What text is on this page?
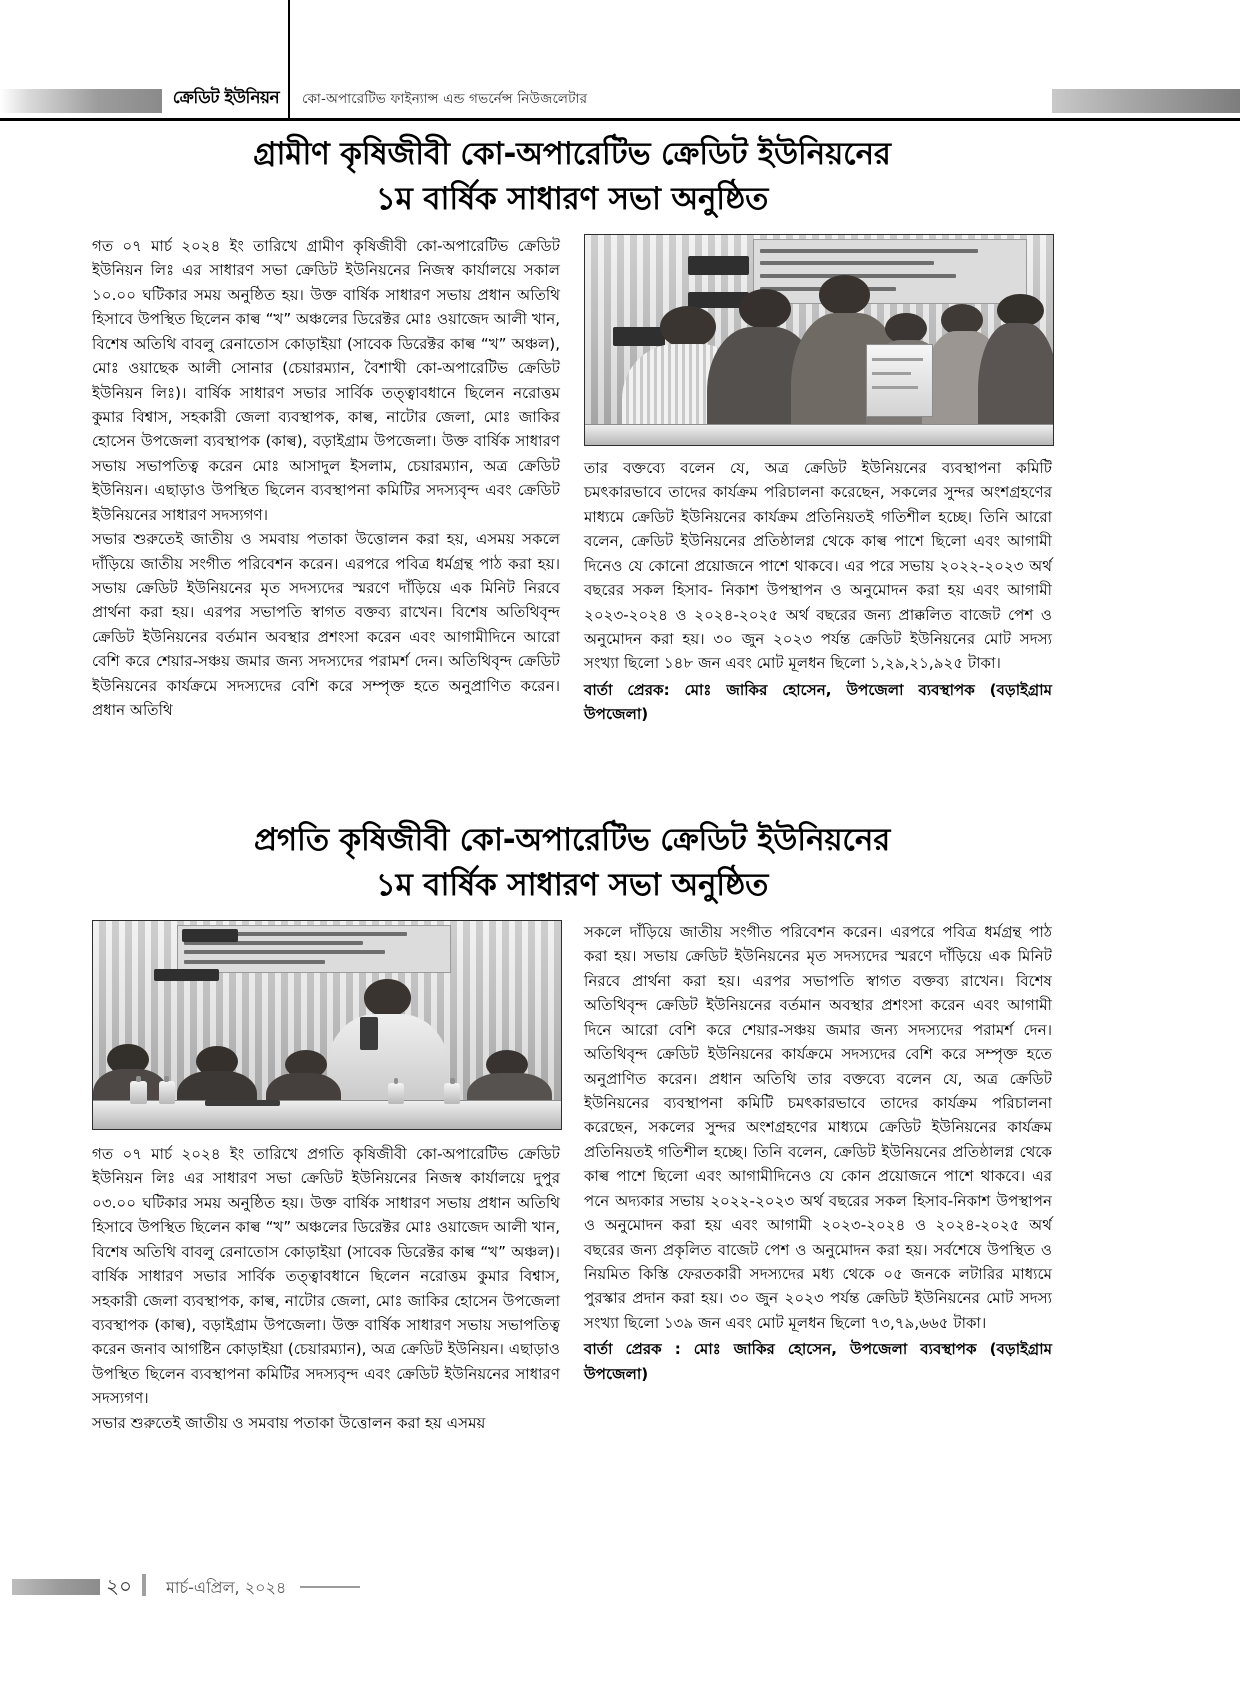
ক্রেডিট ইউনিয়ন কো-অপারেটিভ ফাইন্যান্স এন্ড গভর্নেন্স নিউজলেটার
গ্রামীণ কৃষিজীবী কো-অপারেটিভ ক্রেডিট ইউনিয়নের
১ম বার্ষিক সাধারণ সভা অনুষ্ঠিত

গত ০৭ মার্চ ২০২৪ ইং তারিখে গ্রামীণ কৃষিজীবী কো-অপারেটিভ ক্রেডিট ইউনিয়ন লিঃ এর সাধারণ সভা ক্রেডিট ইউনিয়নের নিজস্ব কার্যালয়ে সকাল ১০.০০ ঘটিকার সময় অনুষ্ঠিত হয়। উক্ত বার্ষিক সাধারণ সভায় প্রধান অতিথি হিসাবে উপস্থিত ছিলেন কাল্ব “খ” অঞ্চলের ডিরেক্টর মোঃ ওয়াজেদ আলী খান, বিশেষ অতিথি বাবলু রেনাতোস কোড়াইয়া (সাবেক ডিরেক্টর কাল্ব “খ” অঞ্চল), মোঃ ওয়াছেক আলী সোনার (চেয়ারম্যান, বৈশাখী কো-অপারেটিভ ক্রেডিট ইউনিয়ন লিঃ)। বার্ষিক সাধারণ সভার সার্বিক তত্ত্বাবধানে ছিলেন নরোত্তম কুমার বিশ্বাস, সহকারী জেলা ব্যবস্থাপক, কাল্ব, নাটোর জেলা, মোঃ জাকির হোসেন উপজেলা ব্যবস্থাপক (কাল্ব), বড়াইগ্রাম উপজেলা। উক্ত বার্ষিক সাধারণ সভায় সভাপতিত্ব করেন মোঃ আসাদুল ইসলাম, চেয়ারম্যান, অত্র ক্রেডিট ইউনিয়ন। এছাড়াও উপস্থিত ছিলেন ব্যবস্থাপনা কমিটির সদস্যবৃন্দ এবং ক্রেডিট ইউনিয়নের সাধারণ সদস্যগণ।

সভার শুরুতেই জাতীয় ও সমবায় পতাকা উত্তোলন করা হয়, এসময় সকলে দাঁড়িয়ে জাতীয় সংগীত পরিবেশন করেন। এরপরে পবিত্র ধর্মগ্রন্থ পাঠ করা হয়। সভায় ক্রেডিট ইউনিয়নের মৃত সদস্যদের স্মরণে দাঁড়িয়ে এক মিনিট নিরবে প্রার্থনা করা হয়। এরপর সভাপতি স্বাগত বক্তব্য রাখেন। বিশেষ অতিথিবৃন্দ ক্রেডিট ইউনিয়নের বর্তমান অবস্থার প্রশংসা করেন এবং আগামীদিনে আরো বেশি করে শেয়ার-সঞ্চয় জমার জন্য সদস্যদের পরামর্শ দেন। অতিথিবৃন্দ ক্রেডিট ইউনিয়নের কার্যক্রমে সদস্যদের বেশি করে সম্পৃক্ত হতে অনুপ্রাণিত করেন। প্রধান অতিথি

তার বক্তব্যে বলেন যে, অত্র ক্রেডিট ইউনিয়নের ব্যবস্থাপনা কমিটি চমৎকারভাবে তাদের কার্যক্রম পরিচালনা করেছেন, সকলের সুন্দর অংশগ্রহণের মাধ্যমে ক্রেডিট ইউনিয়নের কার্যক্রম প্রতিনিয়তই গতিশীল হচ্ছে। তিনি আরো বলেন, ক্রেডিট ইউনিয়নের প্রতিষ্ঠালগ্ন থেকে কাল্ব পাশে ছিলো এবং আগামী দিনেও যে কোনো প্রয়োজনে পাশে থাকবে। এর পরে সভায় ২০২২-২০২৩ অর্থ বছরের সকল হিসাব- নিকাশ উপস্থাপন ও অনুমোদন করা হয় এবং আগামী ২০২৩-২০২৪ ও ২০২৪-২০২৫ অর্থ বছরের জন্য প্রাক্কলিত বাজেট পেশ ও অনুমোদন করা হয়। ৩০ জুন ২০২৩ পর্যন্ত ক্রেডিট ইউনিয়নের মোট সদস্য সংখ্যা ছিলো ১৪৮ জন এবং মোট মূলধন ছিলো ১,২৯,২১,৯২৫ টাকা।

বার্তা প্রেরক: মোঃ জাকির হোসেন, উপজেলা ব্যবস্থাপক (বড়াইগ্রাম উপজেলা)
প্রগতি কৃষিজীবী কো-অপারেটিভ ক্রেডিট ইউনিয়নের
১ম বার্ষিক সাধারণ সভা অনুষ্ঠিত

গত ০৭ মার্চ ২০২৪ ইং তারিখে প্রগতি কৃষিজীবী কো-অপারেটিভ ক্রেডিট ইউনিয়ন লিঃ এর সাধারণ সভা ক্রেডিট ইউনিয়নের নিজস্ব কার্যালয়ে দুপুর ০৩.০০ ঘটিকার সময় অনুষ্ঠিত হয়। উক্ত বার্ষিক সাধারণ সভায় প্রধান অতিথি হিসাবে উপস্থিত ছিলেন কাল্ব “খ” অঞ্চলের ডিরেক্টর মোঃ ওয়াজেদ আলী খান, বিশেষ অতিথি বাবলু রেনাতোস কোড়াইয়া (সাবেক ডিরেক্টর কাল্ব “খ” অঞ্চল)। বার্ষিক সাধারণ সভার সার্বিক তত্ত্বাবধানে ছিলেন নরোত্তম কুমার বিশ্বাস, সহকারী জেলা ব্যবস্থাপক, কাল্ব, নাটোর জেলা, মোঃ জাকির হোসেন উপজেলা ব্যবস্থাপক (কাল্ব), বড়াইগ্রাম উপজেলা। উক্ত বার্ষিক সাধারণ সভায় সভাপতিত্ব করেন জনাব আগষ্টিন কোড়াইয়া (চেয়ারম্যান), অত্র ক্রেডিট ইউনিয়ন। এছাড়াও উপস্থিত ছিলেন ব্যবস্থাপনা কমিটির সদস্যবৃন্দ এবং ক্রেডিট ইউনিয়নের সাধারণ সদস্যগণ।

সভার শুরুতেই জাতীয় ও সমবায় পতাকা উত্তোলন করা হয় এসময়

সকলে দাঁড়িয়ে জাতীয় সংগীত পরিবেশন করেন। এরপরে পবিত্র ধর্মগ্রন্থ পাঠ করা হয়। সভায় ক্রেডিট ইউনিয়নের মৃত সদস্যদের স্মরণে দাঁড়িয়ে এক মিনিট নিরবে প্রার্থনা করা হয়। এরপর সভাপতি স্বাগত বক্তব্য রাখেন। বিশেষ অতিথিবৃন্দ ক্রেডিট ইউনিয়নের বর্তমান অবস্থার প্রশংসা করেন এবং আগামী দিনে আরো বেশি করে শেয়ার-সঞ্চয় জমার জন্য সদস্যদের পরামর্শ দেন। অতিথিবৃন্দ ক্রেডিট ইউনিয়নের কার্যক্রমে সদস্যদের বেশি করে সম্পৃক্ত হতে অনুপ্রাণিত করেন। প্রধান অতিথি তার বক্তব্যে বলেন যে, অত্র ক্রেডিট ইউনিয়নের ব্যবস্থাপনা কমিটি চমৎকারভাবে তাদের কার্যক্রম পরিচালনা করেছেন, সকলের সুন্দর অংশগ্রহণের মাধ্যমে ক্রেডিট ইউনিয়নের কার্যক্রম প্রতিনিয়তই গতিশীল হচ্ছে। তিনি বলেন, ক্রেডিট ইউনিয়নের প্রতিষ্ঠালগ্ন থেকে কাল্ব পাশে ছিলো এবং আগামীদিনেও যে কোন প্রয়োজনে পাশে থাকবে। এর পনে অদ্যকার সভায় ২০২২-২০২৩ অর্থ বছরের সকল হিসাব-নিকাশ উপস্থাপন ও অনুমোদন করা হয় এবং আগামী ২০২৩-২০২৪ ও ২০২৪-২০২৫ অর্থ বছরের জন্য প্রকৃলিত বাজেট পেশ ও অনুমোদন করা হয়। সর্বশেষে উপস্থিত ও নিয়মিত কিস্তি ফেরতকারী সদস্যদের মধ্য থেকে ০৫ জনকে লটারির মাধ্যমে পুরস্কার প্রদান করা হয়। ৩০ জুন ২০২৩ পর্যন্ত ক্রেডিট ইউনিয়নের মোট সদস্য সংখ্যা ছিলো ১৩৯ জন এবং মোট মূলধন ছিলো ৭৩,৭৯,৬৬৫ টাকা।

বার্তা প্রেরক : মোঃ জাকির হোসেন, উপজেলা ব্যবস্থাপক (বড়াইগ্রাম উপজেলা)
২০ মার্চ-এপ্রিল, ২০২৪
